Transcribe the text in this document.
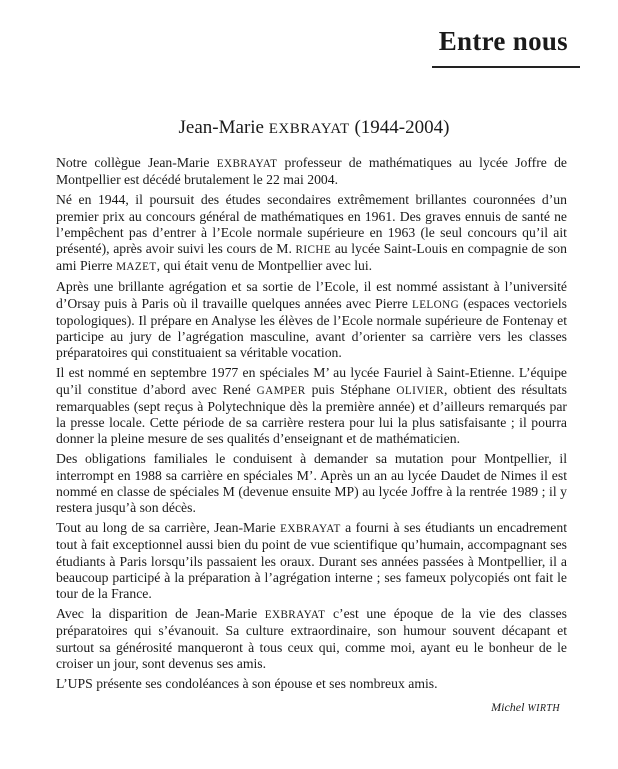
Entre nous
Jean-Marie EXBRAYAT (1944-2004)

Notre collègue Jean-Marie EXBRAYAT professeur de mathématiques au lycée Joffre de Montpellier est décédé brutalement le 22 mai 2004.

Né en 1944, il poursuit des études secondaires extrêmement brillantes couronnées d’un premier prix au concours général de mathématiques en 1961. Des graves ennuis de santé ne l’empêchent pas d’entrer à l’Ecole normale supérieure en 1963 (le seul concours qu’il ait présenté), après avoir suivi les cours de M. RICHE au lycée Saint-Louis en compagnie de son ami Pierre MAZET, qui était venu de Montpellier avec lui.

Après une brillante agrégation et sa sortie de l’Ecole, il est nommé assistant à l’université d’Orsay puis à Paris où il travaille quelques années avec Pierre LELONG (espaces vectoriels topologiques). Il prépare en Analyse les élèves de l’Ecole normale supérieure de Fontenay et participe au jury de l’agrégation masculine, avant d’orienter sa carrière vers les classes préparatoires qui constituaient sa véritable vocation.

Il est nommé en septembre 1977 en spéciales M’ au lycée Fauriel à Saint-Etienne. L’équipe qu’il constitue d’abord avec René GAMPER puis Stéphane OLIVIER, obtient des résultats remarquables (sept reçus à Polytechnique dès la première année) et d’ailleurs remarqués par la presse locale. Cette période de sa carrière restera pour lui la plus satisfaisante ; il pourra donner la pleine mesure de ses qualités d’enseignant et de mathématicien.

Des obligations familiales le conduisent à demander sa mutation pour Montpellier, il interrompt en 1988 sa carrière en spéciales M’. Après un an au lycée Daudet de Nimes il est nommé en classe de spéciales M (devenue ensuite MP) au lycée Joffre à la rentrée 1989 ; il y restera jusqu’à son décès.

Tout au long de sa carrière, Jean-Marie EXBRAYAT a fourni à ses étudiants un encadrement tout à fait exceptionnel aussi bien du point de vue scientifique qu’humain, accompagnant ses étudiants à Paris lorsqu’ils passaient les oraux. Durant ses années passées à Montpellier, il a beaucoup participé à la préparation à l’agrégation interne ; ses fameux polycopiés ont fait le tour de la France.

Avec la disparition de Jean-Marie EXBRAYAT c’est une époque de la vie des classes préparatoires qui s’évanouit. Sa culture extraordinaire, son humour souvent décapant et surtout sa générosité manqueront à tous ceux qui, comme moi, ayant eu le bonheur de le croiser un jour, sont devenus ses amis.

L’UPS présente ses condoléances à son épouse et ses nombreux amis.

Michel WIRTH
